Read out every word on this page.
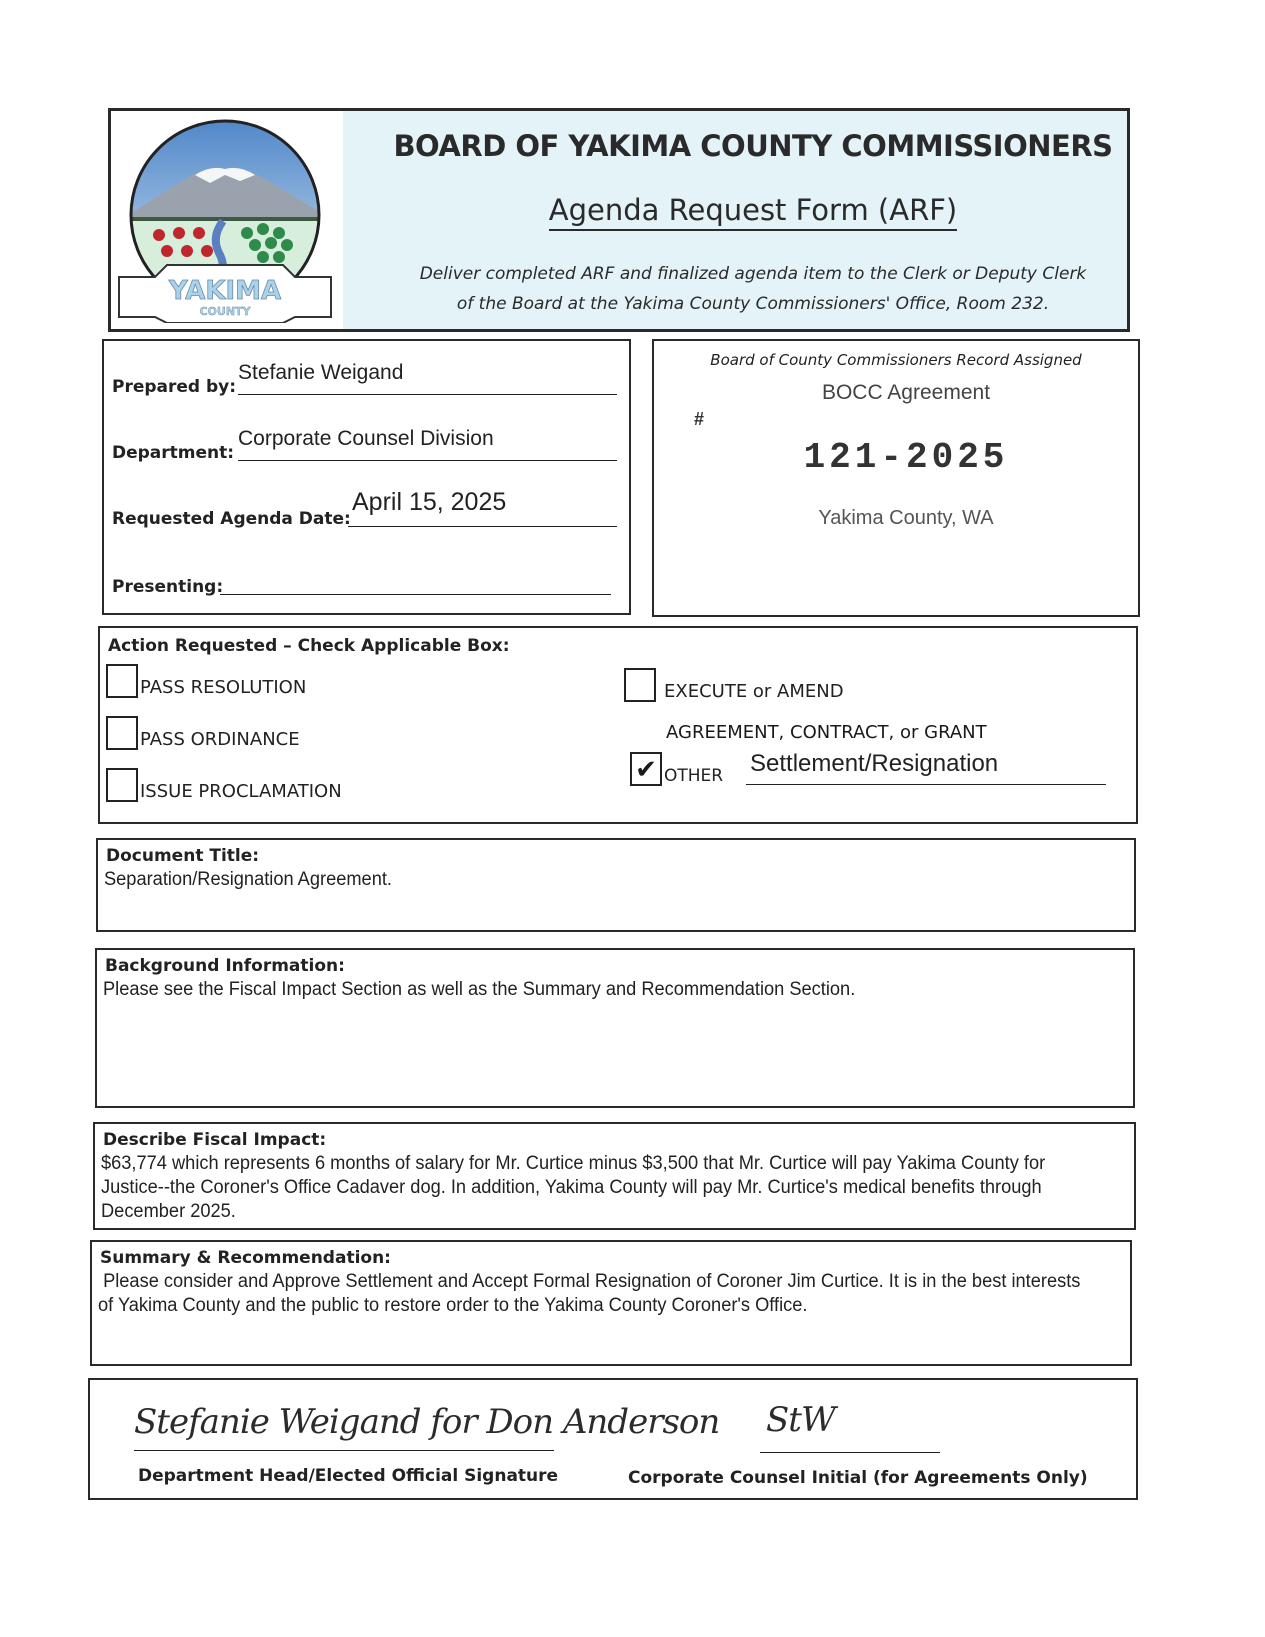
YAKIMA
COUNTY
BOARD OF YAKIMA COUNTY COMMISSIONERS
Agenda Request Form (ARF)
Deliver completed ARF and finalized agenda item to the Clerk or Deputy Clerk
of the Board at the Yakima County Commissioners' Office, Room 232.
Prepared by:
Stefanie Weigand
Department:
Corporate Counsel Division
Requested Agenda Date:
April 15, 2025
Presenting:
Board of County Commissioners Record Assigned
BOCC Agreement
#
121-2025
Yakima County, WA
Action Requested – Check Applicable Box:
PASS RESOLUTION
PASS ORDINANCE
ISSUE PROCLAMATION
EXECUTE or AMEND
AGREEMENT, CONTRACT, or GRANT
✔ OTHER Settlement/Resignation
Document Title:
Separation/Resignation Agreement.
Background Information:
Please see the Fiscal Impact Section as well as the Summary and Recommendation Section.
Describe Fiscal Impact:
$63,774 which represents 6 months of salary for Mr. Curtice minus $3,500 that Mr. Curtice will pay Yakima County for Justice--the Coroner's Office Cadaver dog. In addition, Yakima County will pay Mr. Curtice's medical benefits through December 2025.
Summary & Recommendation:
Please consider and Approve Settlement and Accept Formal Resignation of Coroner Jim Curtice. It is in the best interests of Yakima County and the public to restore order to the Yakima County Coroner's Office.
Stefanie Weigand for Don Anderson
Department Head/Elected Official Signature
StW
Corporate Counsel Initial (for Agreements Only)
